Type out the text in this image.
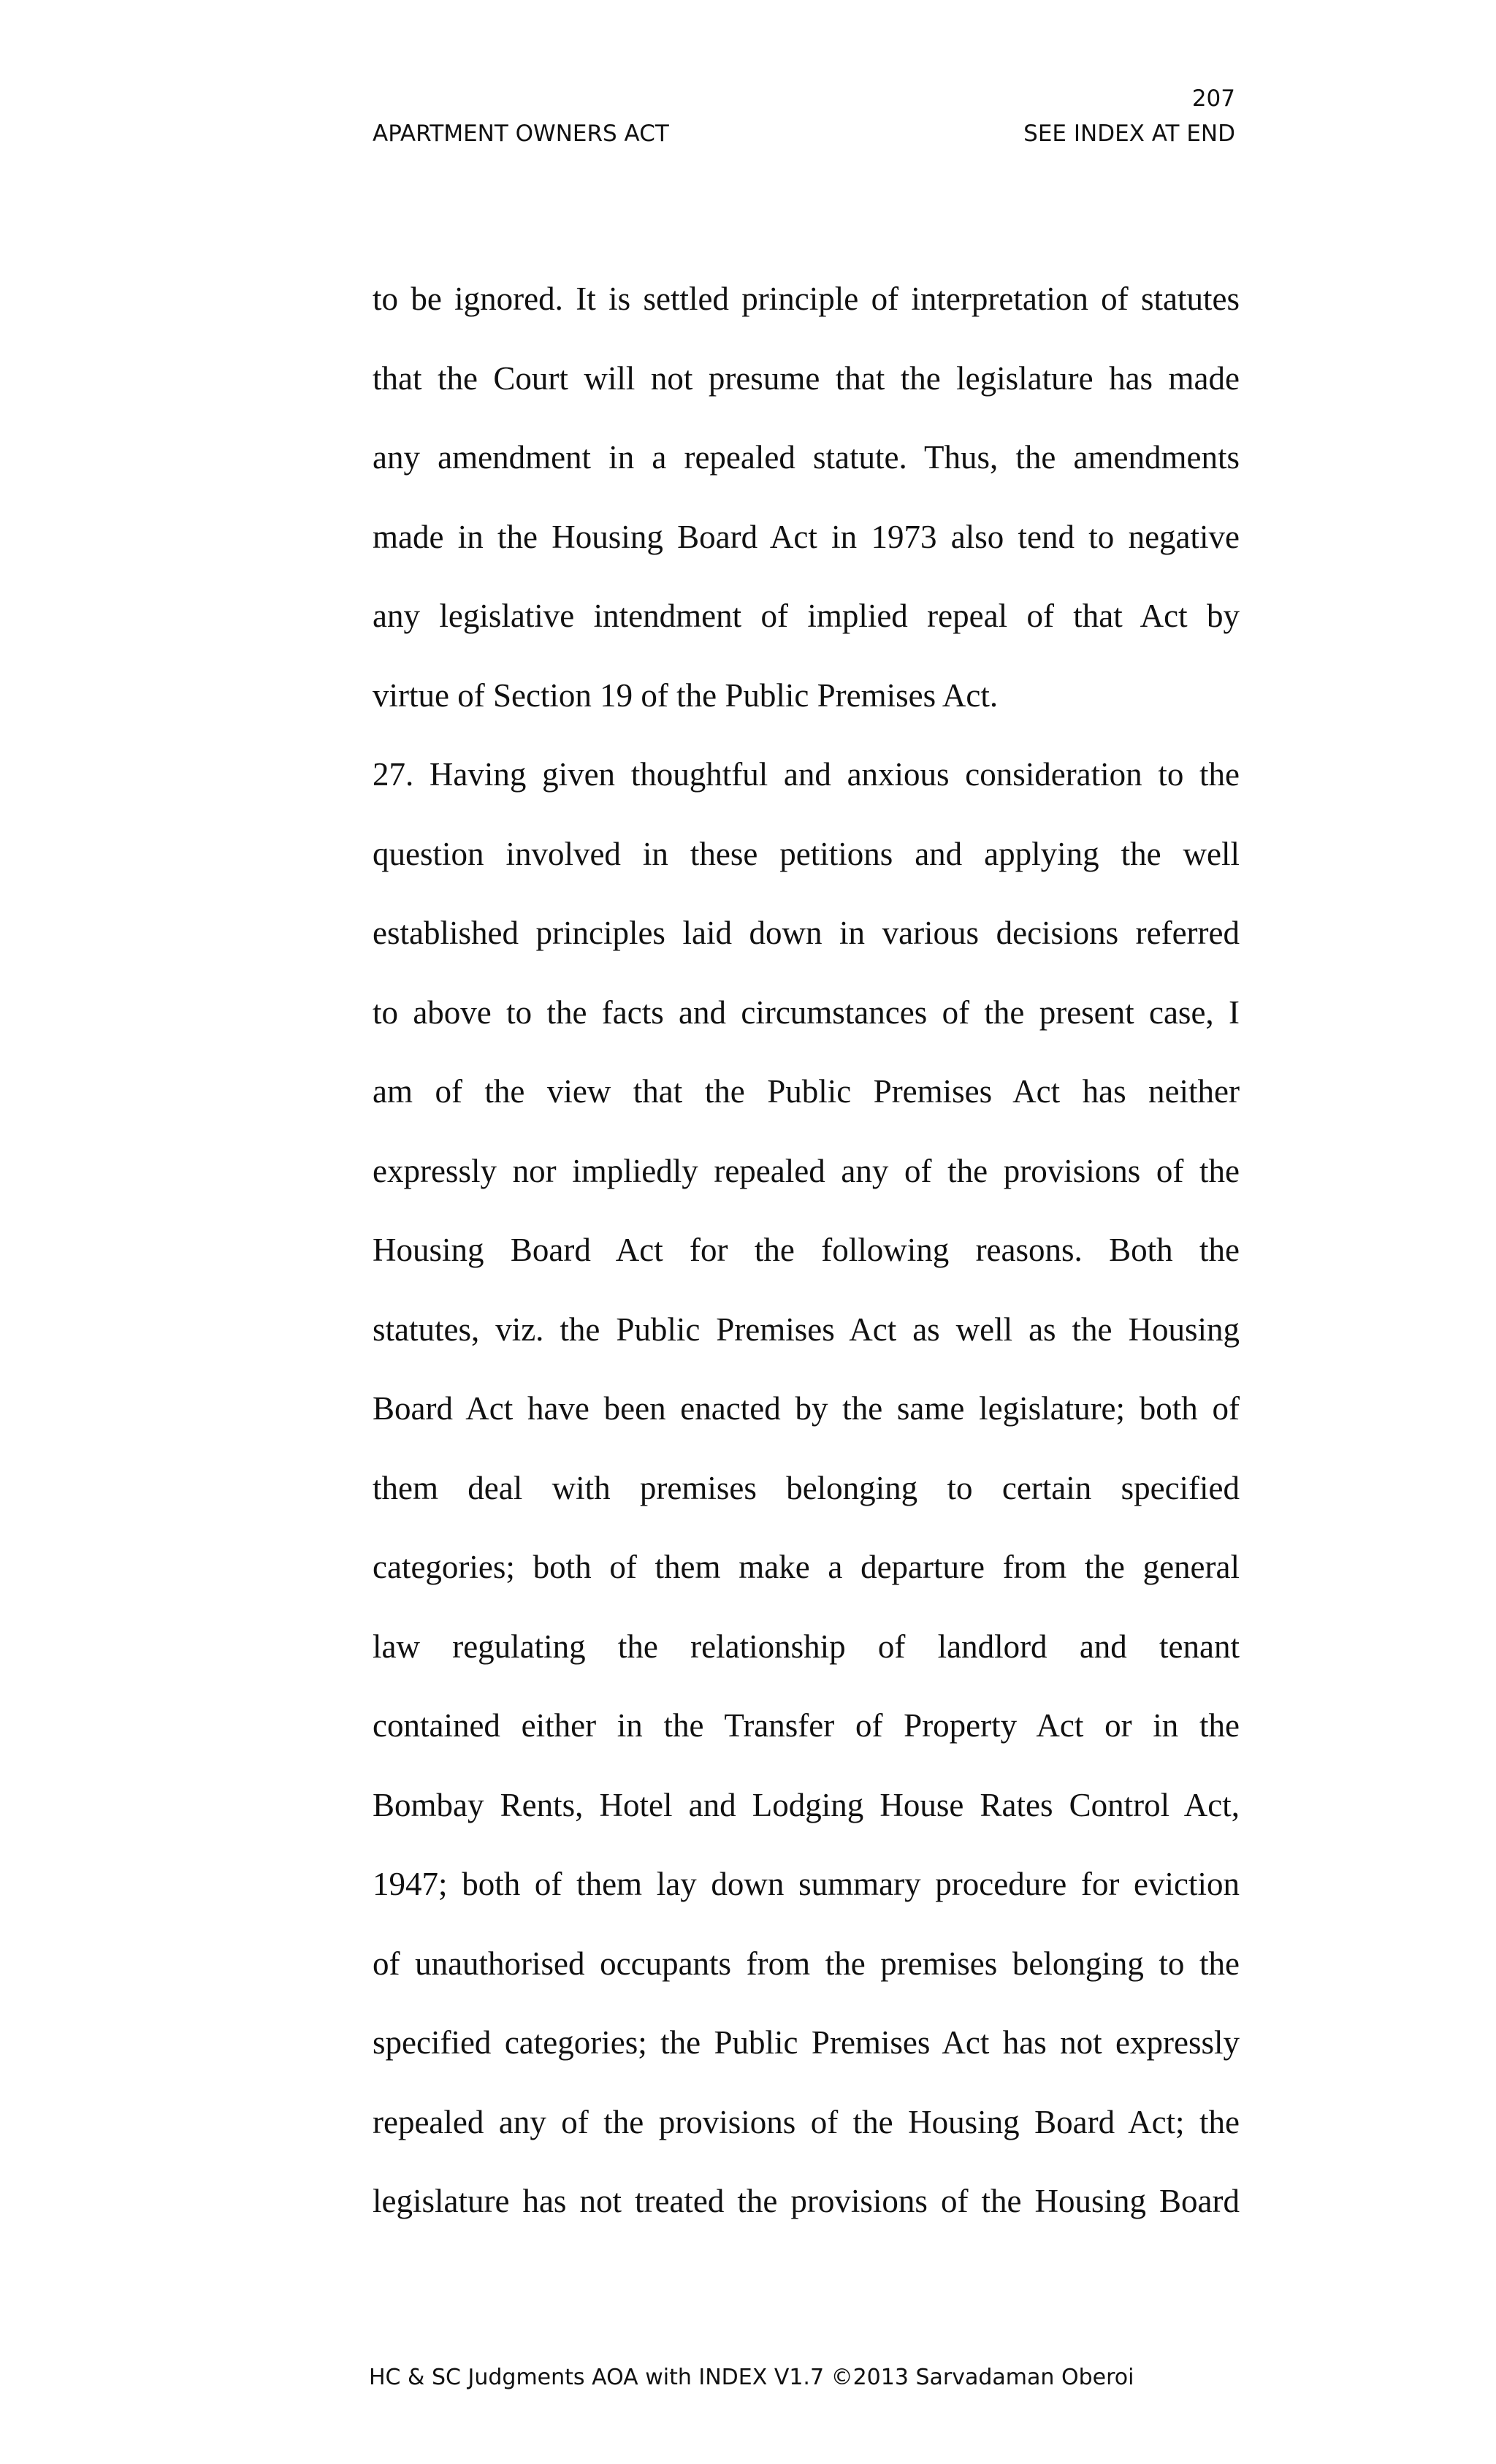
207
APARTMENT OWNERS ACT	SEE INDEX AT END
to be ignored. It is settled principle of interpretation of statutes
that the Court will not presume that the legislature has made
any amendment in a repealed statute. Thus, the amendments
made in the Housing Board Act in 1973 also tend to negative
any legislative intendment of implied repeal of that Act by
virtue of Section 19 of the Public Premises Act.
27. Having given thoughtful and anxious consideration to the
question involved in these petitions and applying the well
established principles laid down in various decisions referred
to above to the facts and circumstances of the present case, I
am of the view that the Public Premises Act has neither
expressly nor impliedly repealed any of the provisions of the
Housing Board Act for the following reasons. Both the
statutes, viz. the Public Premises Act as well as the Housing
Board Act have been enacted by the same legislature; both of
them deal with premises belonging to certain specified
categories; both of them make a departure from the general
law regulating the relationship of landlord and tenant
contained either in the Transfer of Property Act or in the
Bombay Rents, Hotel and Lodging House Rates Control Act,
1947; both of them lay down summary procedure for eviction
of unauthorised occupants from the premises belonging to the
specified categories; the Public Premises Act has not expressly
repealed any of the provisions of the Housing Board Act; the
legislature has not treated the provisions of the Housing Board
HC & SC Judgments AOA with INDEX V1.7 ©2013 Sarvadaman Oberoi
